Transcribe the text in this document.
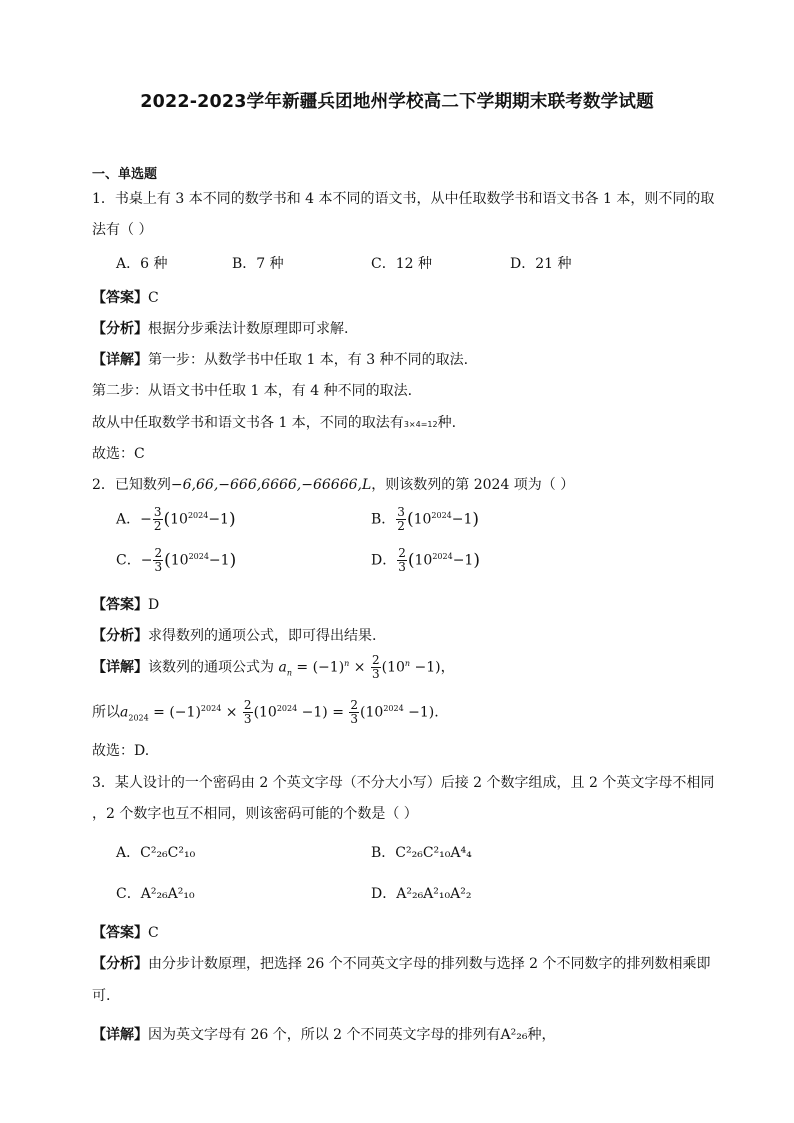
2022-2023学年新疆兵团地州学校高二下学期期末联考数学试题
一、单选题
1．书桌上有 3 本不同的数学书和 4 本不同的语文书，从中任取数学书和语文书各 1 本，则不同的取
法有（ ）
A．6 种	B．7 种	C．12 种	D．21 种
【答案】C
【分析】根据分步乘法计数原理即可求解.
【详解】第一步：从数学书中任取 1 本，有 3 种不同的取法.
第二步：从语文书中任取 1 本，有 4 种不同的取法.
故从中任取数学书和语文书各 1 本，不同的取法有3×4=12种.
故选：C
2．已知数列−6,66,−666,6666,−66666,L，则该数列的第 2024 项为（ ）
A．− $\frac{3}{2} (10^{2024}-1)$	B． $\frac{3}{2} (10^{2024}-1)$
C．− $\frac{2}{3} (10^{2024}-1)$	D． $\frac{2}{3} (10^{2024}-1)$
【答案】D
【分析】求得数列的通项公式，即可得出结果.
【详解】该数列的通项公式为 $a_n = (-1)^n \times \frac{2}{3} (10^n -1)$，
所以$a_{2024} = (-1)^{2024} \times \frac{2}{3} (10^{2024} -1) = \frac{2}{3} (10^{2024} -1)$.
故选：D.
3．某人设计的一个密码由 2 个英文字母（不分大小写）后接 2 个数字组成，且 2 个英文字母不相同
，2 个数字也互不相同，则该密码可能的个数是（ ）
A．C²₂₆C²₁₀	B．C²₂₆C²₁₀A⁴₄
C．A²₂₆A²₁₀	D．A²₂₆A²₁₀A²₂
【答案】C
【分析】由分步计数原理，把选择 26 个不同英文字母的排列数与选择 2 个不同数字的排列数相乘即
可.
【详解】因为英文字母有 26 个，所以 2 个不同英文字母的排列有A²₂₆种，
